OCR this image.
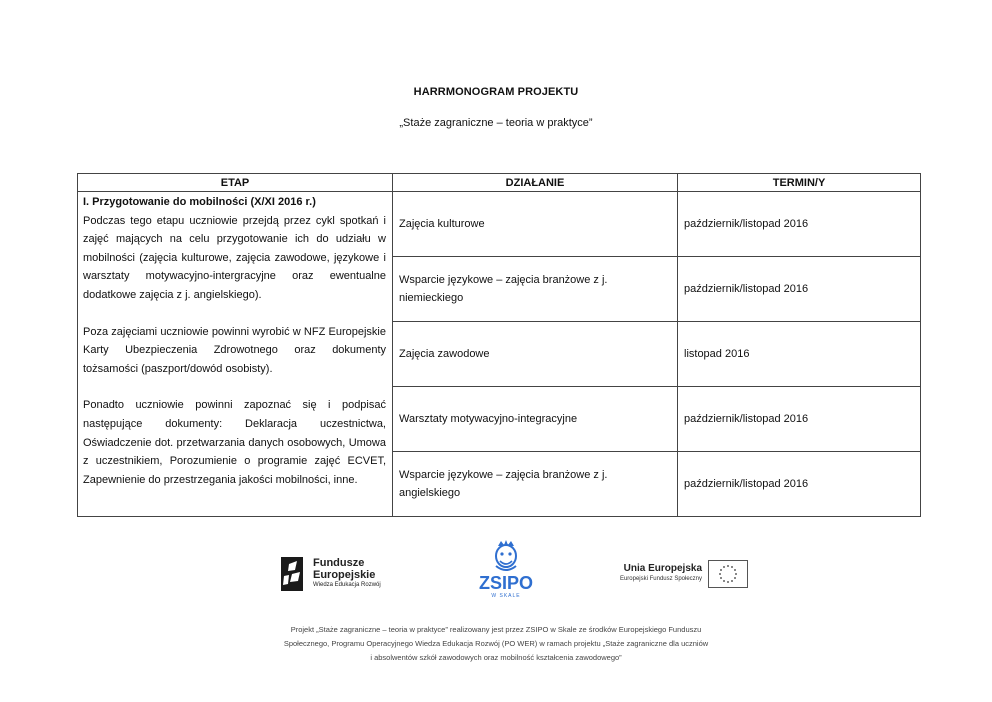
HARRMONOGRAM PROJEKTU
„Staże zagraniczne – teoria w praktyce”
ETAP	DZIAŁANIE	TERMIN/Y

I. Przygotowanie do mobilności (X/XI 2016 r.)

Podczas tego etapu uczniowie przejdą przez cykl spotkań i zajęć mających na celu przygotowanie ich do udziału w mobilności (zajęcia kulturowe, zajęcia zawodowe, językowe i warsztaty motywacyjno-intergracyjne oraz ewentualne dodatkowe zajęcia z j. angielskiego).

Poza zajęciami uczniowie powinni wyrobić w NFZ Europejskie Karty Ubezpieczenia Zdrowotnego oraz dokumenty tożsamości (paszport/dowód osobisty).

Ponadto uczniowie powinni zapoznać się i podpisać następujące dokumenty: Deklaracja uczestnictwa, Oświadczenie dot. przetwarzania danych osobowych, Umowa z uczestnikiem, Porozumienie o programie zajęć ECVET, Zapewnienie do przestrzegania jakości mobilności, inne.	Zajęcia kulturowe	październik/listopad 2016
	Wsparcie językowe – zajęcia branżowe z j. niemieckiego	październik/listopad 2016
	Zajęcia zawodowe	listopad 2016
	Warsztaty motywacyjno-integracyjne	październik/listopad 2016
	Wsparcie językowe – zajęcia branżowe z j. angielskiego	październik/listopad 2016
Fundusze
Europejskie
Wiedza Edukacja Rozwój	ZSIPO
W SKALE
Unia Europejska
Europejski Fundusz Społeczny
Projekt „Staże zagraniczne – teoria w praktyce” realizowany jest przez ZSIPO w Skale ze środków Europejskiego Funduszu
Społecznego, Programu Operacyjnego Wiedza Edukacja Rozwój (PO WER) w ramach projektu „Staże zagraniczne dla uczniów
i absolwentów szkół zawodowych oraz mobilność kształcenia zawodowego”
